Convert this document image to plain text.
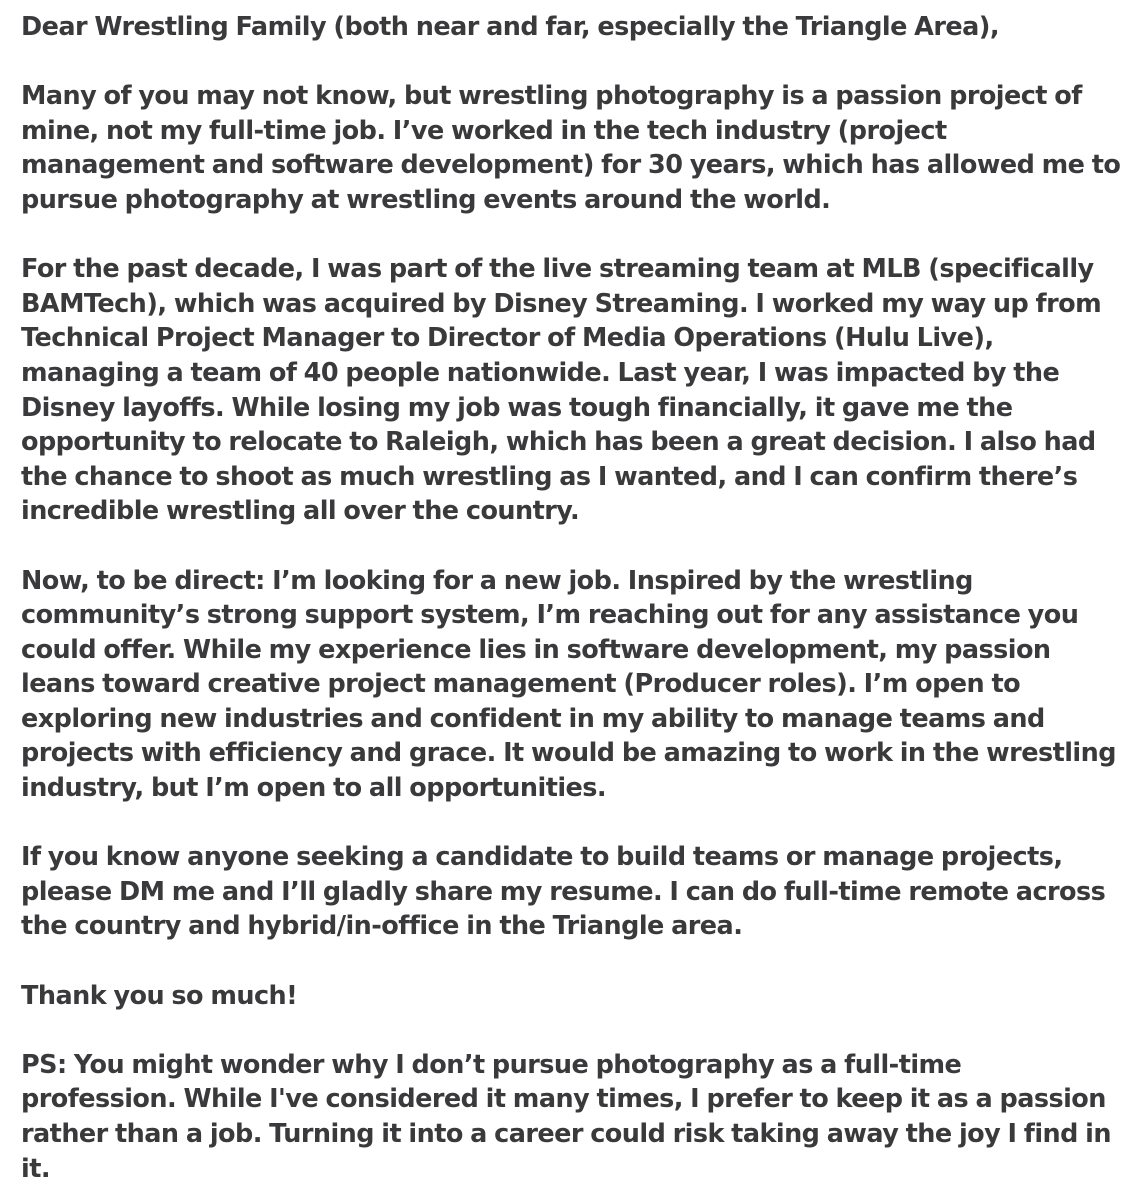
Dear Wrestling Family (both near and far, especially the Triangle Area),

Many of you may not know, but wrestling photography is a passion project of mine, not my full-time job. I’ve worked in the tech industry (project management and software development) for 30 years, which has allowed me to pursue photography at wrestling events around the world.

For the past decade, I was part of the live streaming team at MLB (specifically BAMTech), which was acquired by Disney Streaming. I worked my way up from Technical Project Manager to Director of Media Operations (Hulu Live), managing a team of 40 people nationwide. Last year, I was impacted by the Disney layoffs. While losing my job was tough financially, it gave me the opportunity to relocate to Raleigh, which has been a great decision. I also had the chance to shoot as much wrestling as I wanted, and I can confirm there’s incredible wrestling all over the country.

Now, to be direct: I’m looking for a new job. Inspired by the wrestling community’s strong support system, I’m reaching out for any assistance you could offer. While my experience lies in software development, my passion leans toward creative project management (Producer roles). I’m open to exploring new industries and confident in my ability to manage teams and projects with efficiency and grace. It would be amazing to work in the wrestling industry, but I’m open to all opportunities.

If you know anyone seeking a candidate to build teams or manage projects, please DM me and I’ll gladly share my resume. I can do full-time remote across the country and hybrid/in-office in the Triangle area.

Thank you so much!

PS: You might wonder why I don’t pursue photography as a full-time profession. While I've considered it many times, I prefer to keep it as a passion rather than a job. Turning it into a career could risk taking away the joy I find in it.
